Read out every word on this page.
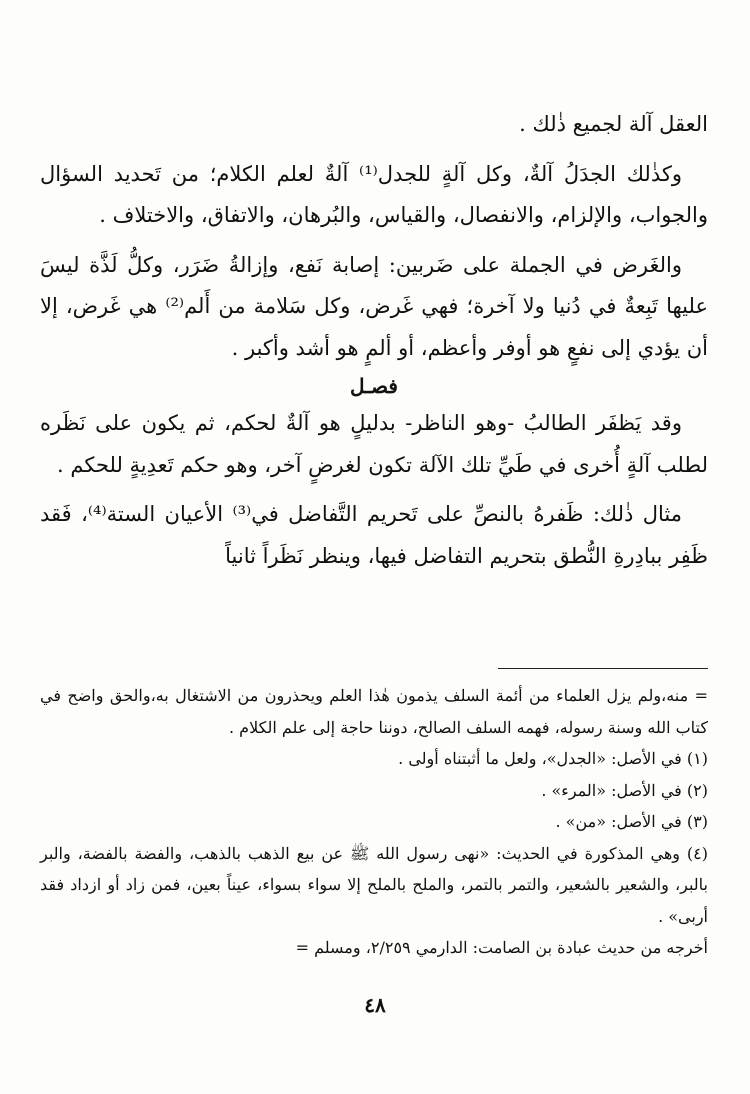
العقل آلة لجميع ذٰلك .

وكذٰلك الجدَلُ آلةٌ، وكل آلةٍ للجدل⁽¹⁾ آلةٌ لعلم الكلام؛ من تَحديد السؤال والجواب، والإلزام، والانفصال، والقياس، والبُرهان، والاتفاق، والاختلاف .

والغَرض في الجملة على ضَربين: إصابة نَفع، وإزالةُ ضَرَر، وكلُّ لَذَّة ليسَ عليها تَبِعةٌ في دُنيا ولا آخرة؛ فهي غَرض، وكل سَلامة من أَلم⁽²⁾ هي غَرض، إلا أن يؤدي إلى نفعٍ هو أوفر وأعظم، أو ألمٍ هو أشد وأكبر .

فصـل

وقد يَظفَر الطالبُ -وهو الناظر- بدليلٍ هو آلةٌ لحكم، ثم يكون على نَظَره لطلب آلةٍ أُخرى في طَيِّ تلك الآلة تكون لغرضٍ آخر، وهو حكم تَعدِيةٍ للحكم .

مثال ذٰلك: ظَفرهُ بالنصِّ على تَحريم التَّفاضل في⁽³⁾ الأعيان الستة⁽⁴⁾، فَقد ظَفِر ببادِرةِ النُّطق بتحريم التفاضل فيها، وينظر نَظَراً ثانياً

= منه،ولم يزل العلماء من أئمة السلف يذمون هٰذا العلم ويحذرون من الاشتغال به،والحق واضح في كتاب الله وسنة رسوله، فهمه السلف الصالح، دوننا حاجة إلى علم الكلام .

(١) في الأصل: «الجدل»، ولعل ما أثبتناه أولى .

(٢) في الأصل: «المرء» .

(٣) في الأصل: «من» .

(٤) وهي المذكورة في الحديث: «نهى رسول الله ﷺ عن بيع الذهب بالذهب، والفضة بالفضة، والبر بالبر، والشعير بالشعير، والتمر بالتمر، والملح بالملح إلا سواء بسواء، عيناً بعين، فمن زاد أو ازداد فقد أربى» .

أخرجه من حديث عبادة بن الصامت: الدارمي ٢/٢٥٩، ومسلم =

٤٨
